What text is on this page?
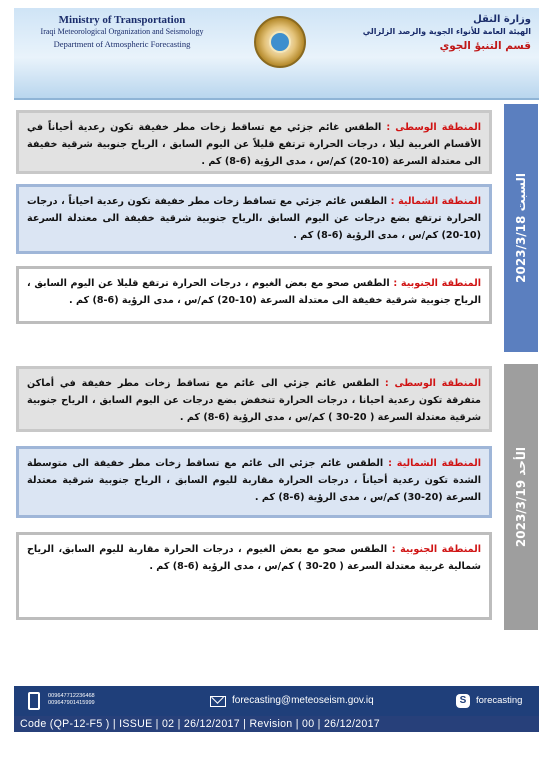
Ministry of Transportation
Iraqi Meteorological Organization and Seismology
Department of Atmospheric Forecasting
وزارة النقل
الهيئة العامة للأنواء الجوية والرصد الزلزالي
قسم التنبؤ الجوي
المنطقة الوسطى : الطقس غائم جزئي مع تساقط زخات مطر خفيفة تكون رعدية أحياناً في الأقسام الغربية ليلا ، درجات الحرارة ترتفع قليلاً عن اليوم السابق ، الرياح جنوبية شرقية خفيفة الى معتدلة السرعة (10-20) كم/س ، مدى الرؤية (6-8) كم .
المنطقة الشمالية : الطقس غائم جزئي مع تساقط زخات مطر خفيفة تكون رعدية احياناً ، درجات الحرارة ترتفع بضع درجات عن اليوم السابق ،الرياح جنوبية شرقية خفيفة الى معتدلة السرعة (10-20) كم/س ، مدى الرؤية (6-8) كم .
المنطقة الجنوبية : الطقس صحو مع بعض الغيوم ، درجات الحرارة ترتفع قليلا عن اليوم السابق ، الرياح جنوبية شرقية خفيفة الى معتدلة السرعة (10-20) كم/س ، مدى الرؤية (6-8) كم .
السبت 2023/3/18
المنطقة الوسطى : الطقس غائم جزئي الى غائم مع تساقط زخات مطر خفيفة في أماكن متفرقة تكون رعدية احيانا ، درجات الحرارة تنخفض بضع درجات عن اليوم السابق ، الرياح جنوبية شرقية معتدلة السرعة ( 20-30 ) كم/س ، مدى الرؤية (6-8) كم .
المنطقة الشمالية : الطقس غائم جزئي الى غائم مع تساقط زخات مطر خفيفة الى متوسطة الشدة تكون رعدية أحياناً ، درجات الحرارة مقاربة لليوم السابق ، الرياح جنوبية شرقية معتدلة السرعة (20-30) كم/س ، مدى الرؤية (6-8) كم .
المنطقة الجنوبية : الطقس صحو مع بعض الغيوم ، درجات الحرارة مقاربة لليوم السابق، الرياح شمالية غربية معتدلة السرعة ( 20-30 ) كم/س ، مدى الرؤية (6-8) كم .
الأحد 2023/3/19
009647712236468
009647901415999	forecasting@meteoseism.gov.iq	S	forecasting
Code (QP-12-F‏5 ) | ISSUE | 02 | 26/12/2017 | Revision | 00 | 26/12/2017
